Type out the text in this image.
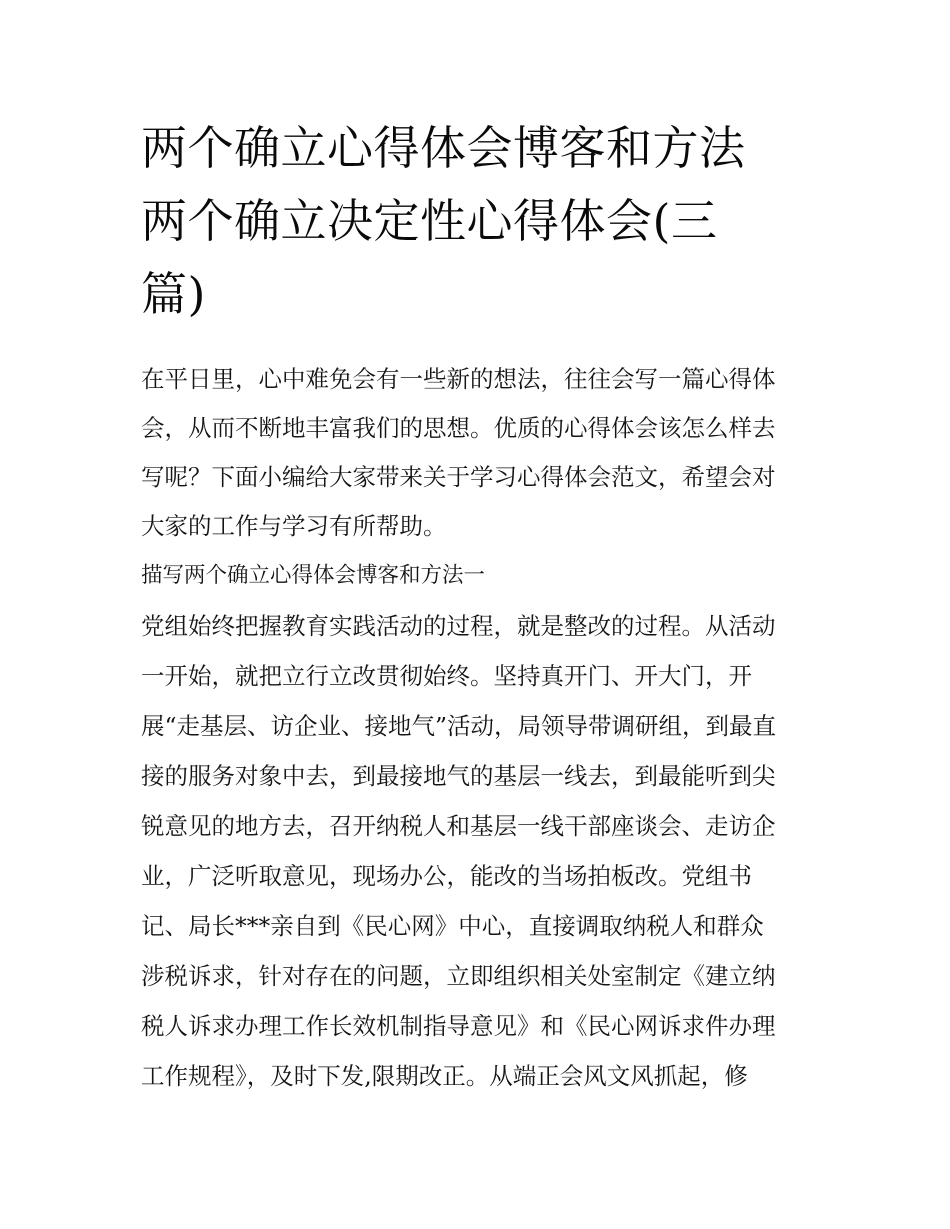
两个确立心得体会博客和方法
两个确立决定性心得体会(三
篇)
在平日里，心中难免会有一些新的想法，往往会写一篇心得体
会，从而不断地丰富我们的思想。优质的心得体会该怎么样去
写呢？下面小编给大家带来关于学习心得体会范文，希望会对
大家的工作与学习有所帮助。
描写两个确立心得体会博客和方法一
党组始终把握教育实践活动的过程，就是整改的过程。从活动
一开始，就把立行立改贯彻始终。坚持真开门、开大门，开
展“走基层、访企业、接地气”活动，局领导带调研组，到最直
接的服务对象中去，到最接地气的基层一线去，到最能听到尖
锐意见的地方去，召开纳税人和基层一线干部座谈会、走访企
业，广泛听取意见，现场办公，能改的当场拍板改。党组书
记、局长***亲自到《民心网》中心，直接调取纳税人和群众
涉税诉求，针对存在的问题，立即组织相关处室制定《建立纳
税人诉求办理工作长效机制指导意见》和《民心网诉求件办理
工作规程》，及时下发,限期改正。从端正会风文风抓起，修
